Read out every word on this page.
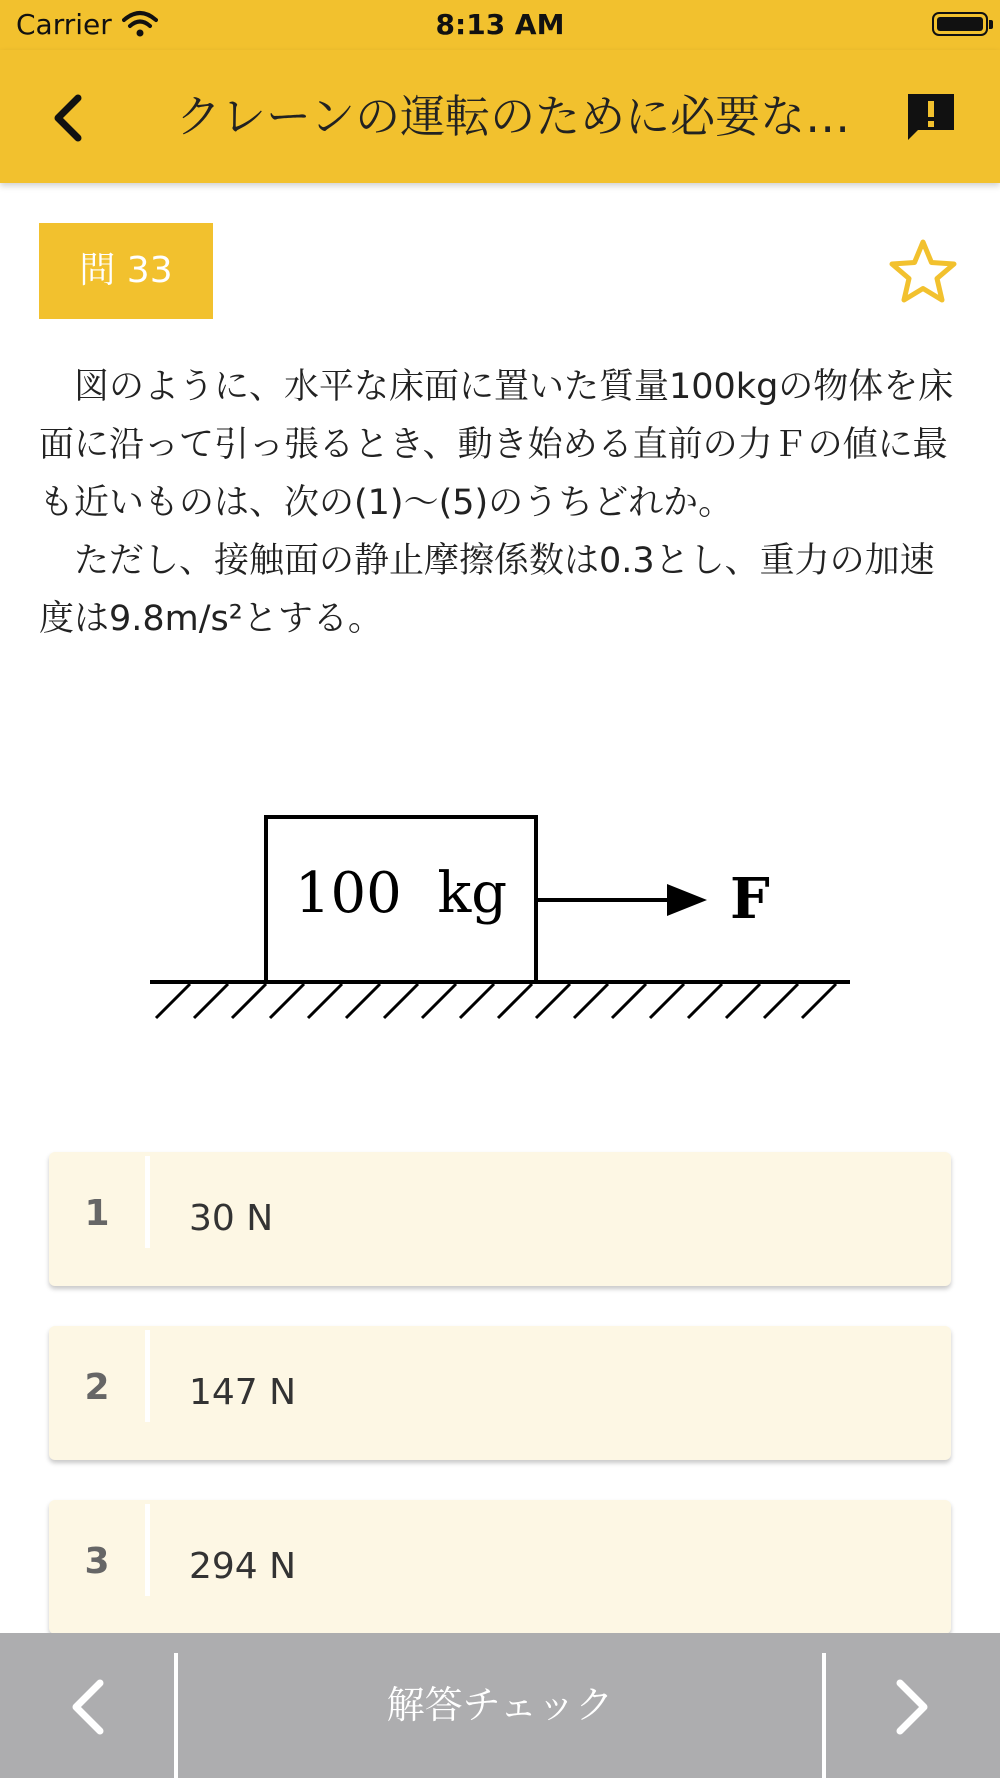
Carrier	8:13 AM
クレーンの運転のために必要な…
問 33

図のように、水平な床面に置いた質量100kgの物体を床面に沿って引っ張るとき、動き始める直前の力Ｆの値に最も近いものは、次の(1)〜(5)のうちどれか。

ただし、接触面の静止摩擦係数は0.3とし、重力の加速度は9.8m/s²とする。

100  kg	F
1	30 N
2	147 N
3	294 N
解答チェック
